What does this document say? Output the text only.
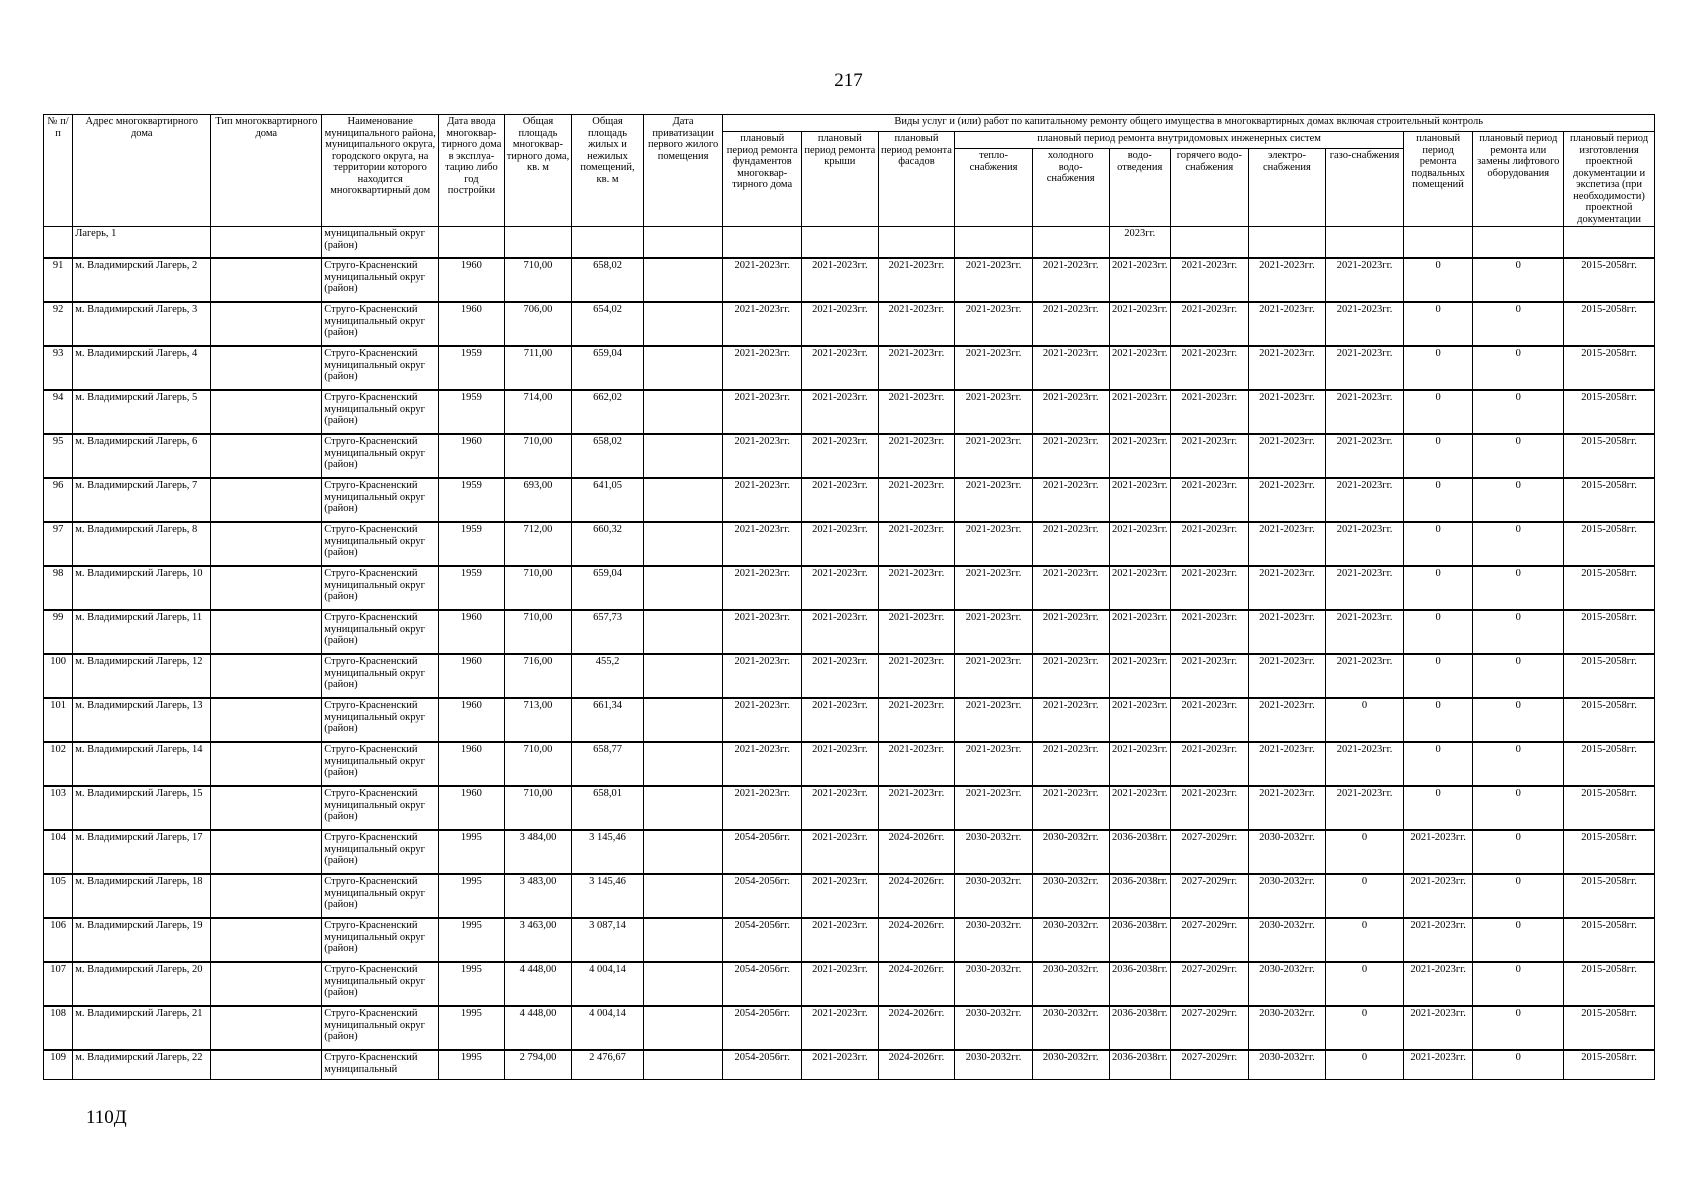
217
№ п/п	Адрес многоквартирного дома	Тип многоквартирного дома	Наименование муниципального района, муниципального округа, городского округа, на территории которого находится многоквартирный дом	Дата ввода многоквар-тирного дома в эксплуа-тацию либо год постройки	Общая площадь многоквар-тирного дома, кв. м	Общая площадь жилых и нежилых помещений, кв. м	Дата приватизации первого жилого помещения	Виды услуг и (или) работ по капитальному ремонту общего имущества в многоквартирных домах включая строительный контроль											
								плановый период ремонта фундаментов многоквар-тирного дома	плановый период ремонта крыши	плановый период ремонта фасадов	плановый период ремонта внутридомовых инженерных систем						плановый период ремонта подвальных помещений	плановый период ремонта или замены лифтового оборудования	плановый период изготовления проектной документации и экспетиза (при необходимости) проектной документации
											тепло-снабжения	холодного водо-снабжения	водо-отведения	горячего водо-снабжения	электро-снабжения	газо-снабжения			
	Лагерь, 1		муниципальный округ (район)										2023гг.						
91	м. Владимирский Лагерь, 2		Струго-Красненский муниципальный округ (район)	1960	710,00	658,02		2021-2023гг.	2021-2023гг.	2021-2023гг.	2021-2023гг.	2021-2023гг.	2021-2023гг.	2021-2023гг.	2021-2023гг.	2021-2023гг.	0	0	2015-2058гг.
92	м. Владимирский Лагерь, 3		Струго-Красненский муниципальный округ (район)	1960	706,00	654,02		2021-2023гг.	2021-2023гг.	2021-2023гг.	2021-2023гг.	2021-2023гг.	2021-2023гг.	2021-2023гг.	2021-2023гг.	2021-2023гг.	0	0	2015-2058гг.
93	м. Владимирский Лагерь, 4		Струго-Красненский муниципальный округ (район)	1959	711,00	659,04		2021-2023гг.	2021-2023гг.	2021-2023гг.	2021-2023гг.	2021-2023гг.	2021-2023гг.	2021-2023гг.	2021-2023гг.	2021-2023гг.	0	0	2015-2058гг.
94	м. Владимирский Лагерь, 5		Струго-Красненский муниципальный округ (район)	1959	714,00	662,02		2021-2023гг.	2021-2023гг.	2021-2023гг.	2021-2023гг.	2021-2023гг.	2021-2023гг.	2021-2023гг.	2021-2023гг.	2021-2023гг.	0	0	2015-2058гг.
95	м. Владимирский Лагерь, 6		Струго-Красненский муниципальный округ (район)	1960	710,00	658,02		2021-2023гг.	2021-2023гг.	2021-2023гг.	2021-2023гг.	2021-2023гг.	2021-2023гг.	2021-2023гг.	2021-2023гг.	2021-2023гг.	0	0	2015-2058гг.
96	м. Владимирский Лагерь, 7		Струго-Красненский муниципальный округ (район)	1959	693,00	641,05		2021-2023гг.	2021-2023гг.	2021-2023гг.	2021-2023гг.	2021-2023гг.	2021-2023гг.	2021-2023гг.	2021-2023гг.	2021-2023гг.	0	0	2015-2058гг.
97	м. Владимирский Лагерь, 8		Струго-Красненский муниципальный округ (район)	1959	712,00	660,32		2021-2023гг.	2021-2023гг.	2021-2023гг.	2021-2023гг.	2021-2023гг.	2021-2023гг.	2021-2023гг.	2021-2023гг.	2021-2023гг.	0	0	2015-2058гг.
98	м. Владимирский Лагерь, 10		Струго-Красненский муниципальный округ (район)	1959	710,00	659,04		2021-2023гг.	2021-2023гг.	2021-2023гг.	2021-2023гг.	2021-2023гг.	2021-2023гг.	2021-2023гг.	2021-2023гг.	2021-2023гг.	0	0	2015-2058гг.
99	м. Владимирский Лагерь, 11		Струго-Красненский муниципальный округ (район)	1960	710,00	657,73		2021-2023гг.	2021-2023гг.	2021-2023гг.	2021-2023гг.	2021-2023гг.	2021-2023гг.	2021-2023гг.	2021-2023гг.	2021-2023гг.	0	0	2015-2058гг.
100	м. Владимирский Лагерь, 12		Струго-Красненский муниципальный округ (район)	1960	716,00	455,2		2021-2023гг.	2021-2023гг.	2021-2023гг.	2021-2023гг.	2021-2023гг.	2021-2023гг.	2021-2023гг.	2021-2023гг.	2021-2023гг.	0	0	2015-2058гг.
101	м. Владимирский Лагерь, 13		Струго-Красненский муниципальный округ (район)	1960	713,00	661,34		2021-2023гг.	2021-2023гг.	2021-2023гг.	2021-2023гг.	2021-2023гг.	2021-2023гг.	2021-2023гг.	2021-2023гг.	0	0	0	2015-2058гг.
102	м. Владимирский Лагерь, 14		Струго-Красненский муниципальный округ (район)	1960	710,00	658,77		2021-2023гг.	2021-2023гг.	2021-2023гг.	2021-2023гг.	2021-2023гг.	2021-2023гг.	2021-2023гг.	2021-2023гг.	2021-2023гг.	0	0	2015-2058гг.
103	м. Владимирский Лагерь, 15		Струго-Красненский муниципальный округ (район)	1960	710,00	658,01		2021-2023гг.	2021-2023гг.	2021-2023гг.	2021-2023гг.	2021-2023гг.	2021-2023гг.	2021-2023гг.	2021-2023гг.	2021-2023гг.	0	0	2015-2058гг.
104	м. Владимирский Лагерь, 17		Струго-Красненский муниципальный округ (район)	1995	3 484,00	3 145,46		2054-2056гг.	2021-2023гг.	2024-2026гг.	2030-2032гг.	2030-2032гг.	2036-2038гг.	2027-2029гг.	2030-2032гг.	0	2021-2023гг.	0	2015-2058гг.
105	м. Владимирский Лагерь, 18		Струго-Красненский муниципальный округ (район)	1995	3 483,00	3 145,46		2054-2056гг.	2021-2023гг.	2024-2026гг.	2030-2032гг.	2030-2032гг.	2036-2038гг.	2027-2029гг.	2030-2032гг.	0	2021-2023гг.	0	2015-2058гг.
106	м. Владимирский Лагерь, 19		Струго-Красненский муниципальный округ (район)	1995	3 463,00	3 087,14		2054-2056гг.	2021-2023гг.	2024-2026гг.	2030-2032гг.	2030-2032гг.	2036-2038гг.	2027-2029гг.	2030-2032гг.	0	2021-2023гг.	0	2015-2058гг.
107	м. Владимирский Лагерь, 20		Струго-Красненский муниципальный округ (район)	1995	4 448,00	4 004,14		2054-2056гг.	2021-2023гг.	2024-2026гг.	2030-2032гг.	2030-2032гг.	2036-2038гг.	2027-2029гг.	2030-2032гг.	0	2021-2023гг.	0	2015-2058гг.
108	м. Владимирский Лагерь, 21		Струго-Красненский муниципальный округ (район)	1995	4 448,00	4 004,14		2054-2056гг.	2021-2023гг.	2024-2026гг.	2030-2032гг.	2030-2032гг.	2036-2038гг.	2027-2029гг.	2030-2032гг.	0	2021-2023гг.	0	2015-2058гг.
109	м. Владимирский Лагерь, 22		Струго-Красненский муниципальный	1995	2 794,00	2 476,67		2054-2056гг.	2021-2023гг.	2024-2026гг.	2030-2032гг.	2030-2032гг.	2036-2038гг.	2027-2029гг.	2030-2032гг.	0	2021-2023гг.	0	2015-2058гг.
110Д
